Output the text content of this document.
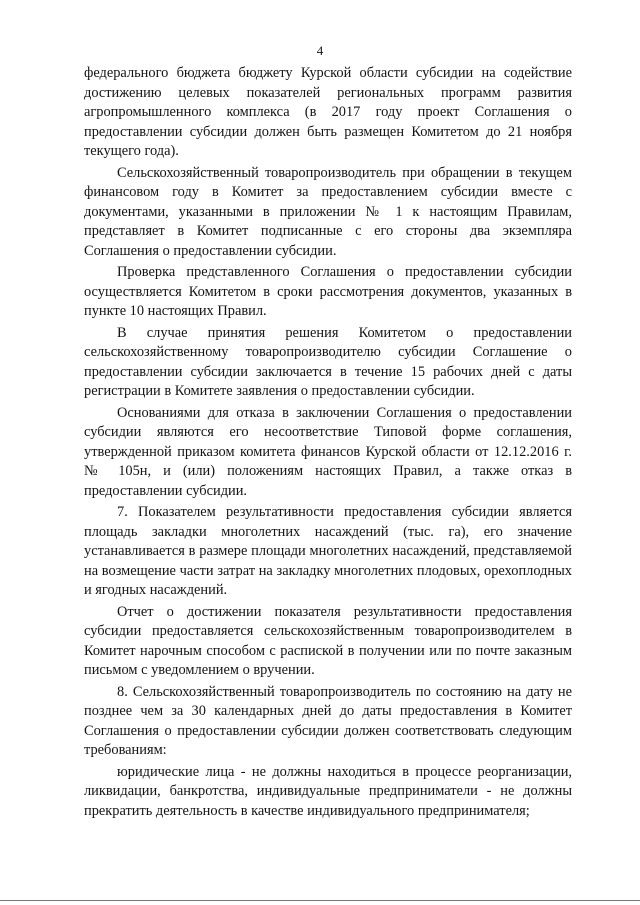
4

федерального бюджета бюджету Курской области субсидии на содействие достижению целевых показателей региональных программ развития агропромышленного комплекса (в 2017 году проект Соглашения о предоставлении субсидии должен быть размещен Комитетом до 21 ноября текущего года).

Сельскохозяйственный товаропроизводитель при обращении в текущем финансовом году в Комитет за предоставлением субсидии вместе с документами, указанными в приложении № 1 к настоящим Правилам, представляет в Комитет подписанные с его стороны два экземпляра Соглашения о предоставлении субсидии.

Проверка представленного Соглашения о предоставлении субсидии осуществляется Комитетом в сроки рассмотрения документов, указанных в пункте 10 настоящих Правил.

В случае принятия решения Комитетом о предоставлении сельскохозяйственному товаропроизводителю субсидии Соглашение о предоставлении субсидии заключается в течение 15 рабочих дней с даты регистрации в Комитете заявления о предоставлении субсидии.

Основаниями для отказа в заключении Соглашения о предоставлении субсидии являются его несоответствие Типовой форме соглашения, утвержденной приказом комитета финансов Курской области от 12.12.2016 г. № 105н, и (или) положениям настоящих Правил, а также отказ в предоставлении субсидии.

7. Показателем результативности предоставления субсидии является площадь закладки многолетних насаждений (тыс. га), его значение устанавливается в размере площади многолетних насаждений, представляемой на возмещение части затрат на закладку многолетних плодовых, орехоплодных и ягодных насаждений.

Отчет о достижении показателя результативности предоставления субсидии предоставляется сельскохозяйственным товаропроизводителем в Комитет нарочным способом с распиской в получении или по почте заказным письмом с уведомлением о вручении.

8. Сельскохозяйственный товаропроизводитель по состоянию на дату не позднее чем за 30 календарных дней до даты предоставления в Комитет Соглашения о предоставлении субсидии должен соответствовать следующим требованиям:

юридические лица - не должны находиться в процессе реорганизации, ликвидации, банкротства, индивидуальные предприниматели - не должны прекратить деятельность в качестве индивидуального предпринимателя;
